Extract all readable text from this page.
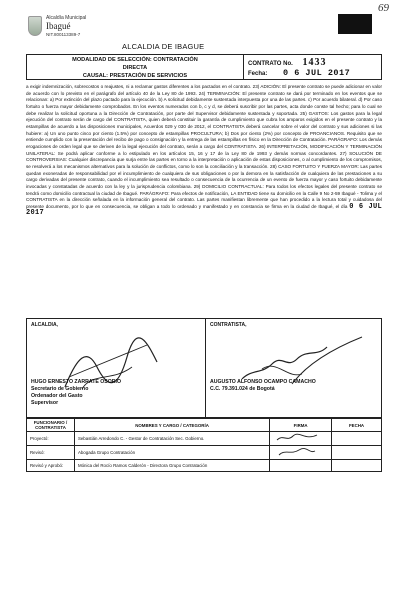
69
Alcaldía Municipal
Ibagué
NIT.800113389-7
ALCALDIA DE IBAGUE
MODALIDAD DE SELECCIÓN: CONTRATACIÓN
DIRECTA
CAUSAL: PRESTACIÓN DE SERVICIOS
CONTRATO No. 1433
Fecha: 0 6 JUL 2017

a exigir indemnización, sobrecostos o reajustes, ni a reclamar gastos diferentes a los pactados en el contrato. 23) ADICIÓN: El presente contrato se puede adicionar en valor de acuerdo con lo previsto en el parágrafo del artículo 40 de la Ley 80 de 1993. 24) TERMINACIÓN: El presente contrato se dará por terminado en los eventos que se relacionan: a) Por extinción del plazo pactado para la ejecución. b) A solicitud debidamente sustentada interpuesta por una de las partes. c) Por acuerdo bilateral. d) Por caso fortuito o fuerza mayor debidamente comprobados. En los eventos numerados con b, c y d, se deberá suscribir por las partes, acta donde conste tal hecho; para lo cual se debe realizar la solicitud oportuna a la Dirección de Contratación, por parte del Supervisor debidamente sustentada y soportada. 25) GASTOS: Los gastos para la legal ejecución del contrato serán de cargo del CONTRATISTA, quien deberá constituir la garantía de cumplimiento que cubra los amparos exigidos en el presente contrato y la estampillas de acuerdo a las disposiciones municipales, Acuerdos 029 y 030 de 2012, el CONTRATISTA deberá cancelar sobre el valor del contrato y sus adiciones si las hubiere: a) Un uno punto cinco por ciento (1.5%) por concepto de estampillas PROCULTURA; b) Dos por ciento (2%) por concepto de PROANCIANOS. Requisito que se entiende cumplido con la presentación del recibo de pago o consignación y la entrega de las estampillas en físico en la Dirección de Contratación. PARÁGRAFO: Los demás erogaciones de orden legal que se deriven de la legal ejecución del contrato, serán a cargo del CONTRATISTA. 26) INTERPRETACIÓN, MODIFICACIÓN Y TERMINACIÓN UNILATERAL: Se podrá aplicar conforme a lo estipulado en los artículos 15, 16 y 17 de la Ley 80 de 1993 y demás normas concordantes. 27) SOLUCIÓN DE CONTROVERSIAS: Cualquier discrepancia que surja entre las partes en torno a la interpretación o aplicación de estas disposiciones, o al cumplimiento de los compromisos, se resolverá a los mecanismos alternativos para la solución de conflictos, como lo son la conciliación y la transacción. 28) CASO FORTUITO Y FUERZA MAYOR: Las partes quedan exoneradas de responsabilidad por el incumplimiento de cualquiera de sus obligaciones o por la demora en la satisfacción de cualquiera de las prestaciones a su cargo derivadas del presente contrato, cuando el incumplimiento sea resultado o consecuencia de la ocurrencia de un evento de fuerza mayor y caso fortuito debidamente invocadas y constatadas de acuerdo con la ley y la jurisprudencia colombiana. 29) DOMICILIO CONTRACTUAL: Para todos los efectos legales del presente contrato se tendrá como domicilio contractual la ciudad de Ibagué. PARÁGRAFO: Para efectos de notificación, LA ENTIDAD tiene su domicilio en la Calle 9 No 2-59 Ibagué - Tolima y el CONTRATISTA en la dirección señalada en la información general del contrato. Las partes manifiestan libremente que han procedido a la lectura total y cuidadosa del presente documento, por lo que en consecuencia, se obligan a todo lo ordenado y manifestado y en constancia se firma en la ciudad de Ibagué, el día 0 6 JUL 2017

ALCALDIA,	CONTRATISTA,
HUGO ERNESTO ZARRATE OSORIO
Secretario de Gobierno
Ordenador del Gasto
Supervisor
AUGUSTO ALFONSO OCAMPO CAMACHO
C.C. 79.391.024 de Bogotá
FUNCIONARIO / CONTRATISTA	NOMBRES Y CARGO / CATEGORÍA	FIRMA	FECHA
Proyectó:	Sebastián Arredondo C. - Gestor de Contratación Sec. Gobierno.		
Revisó:	Abogada Grupo Contratación		
Revisó y Aprobó:	Mónica del Rocío Ramos Calderón - Directora Grupo Contratación		
